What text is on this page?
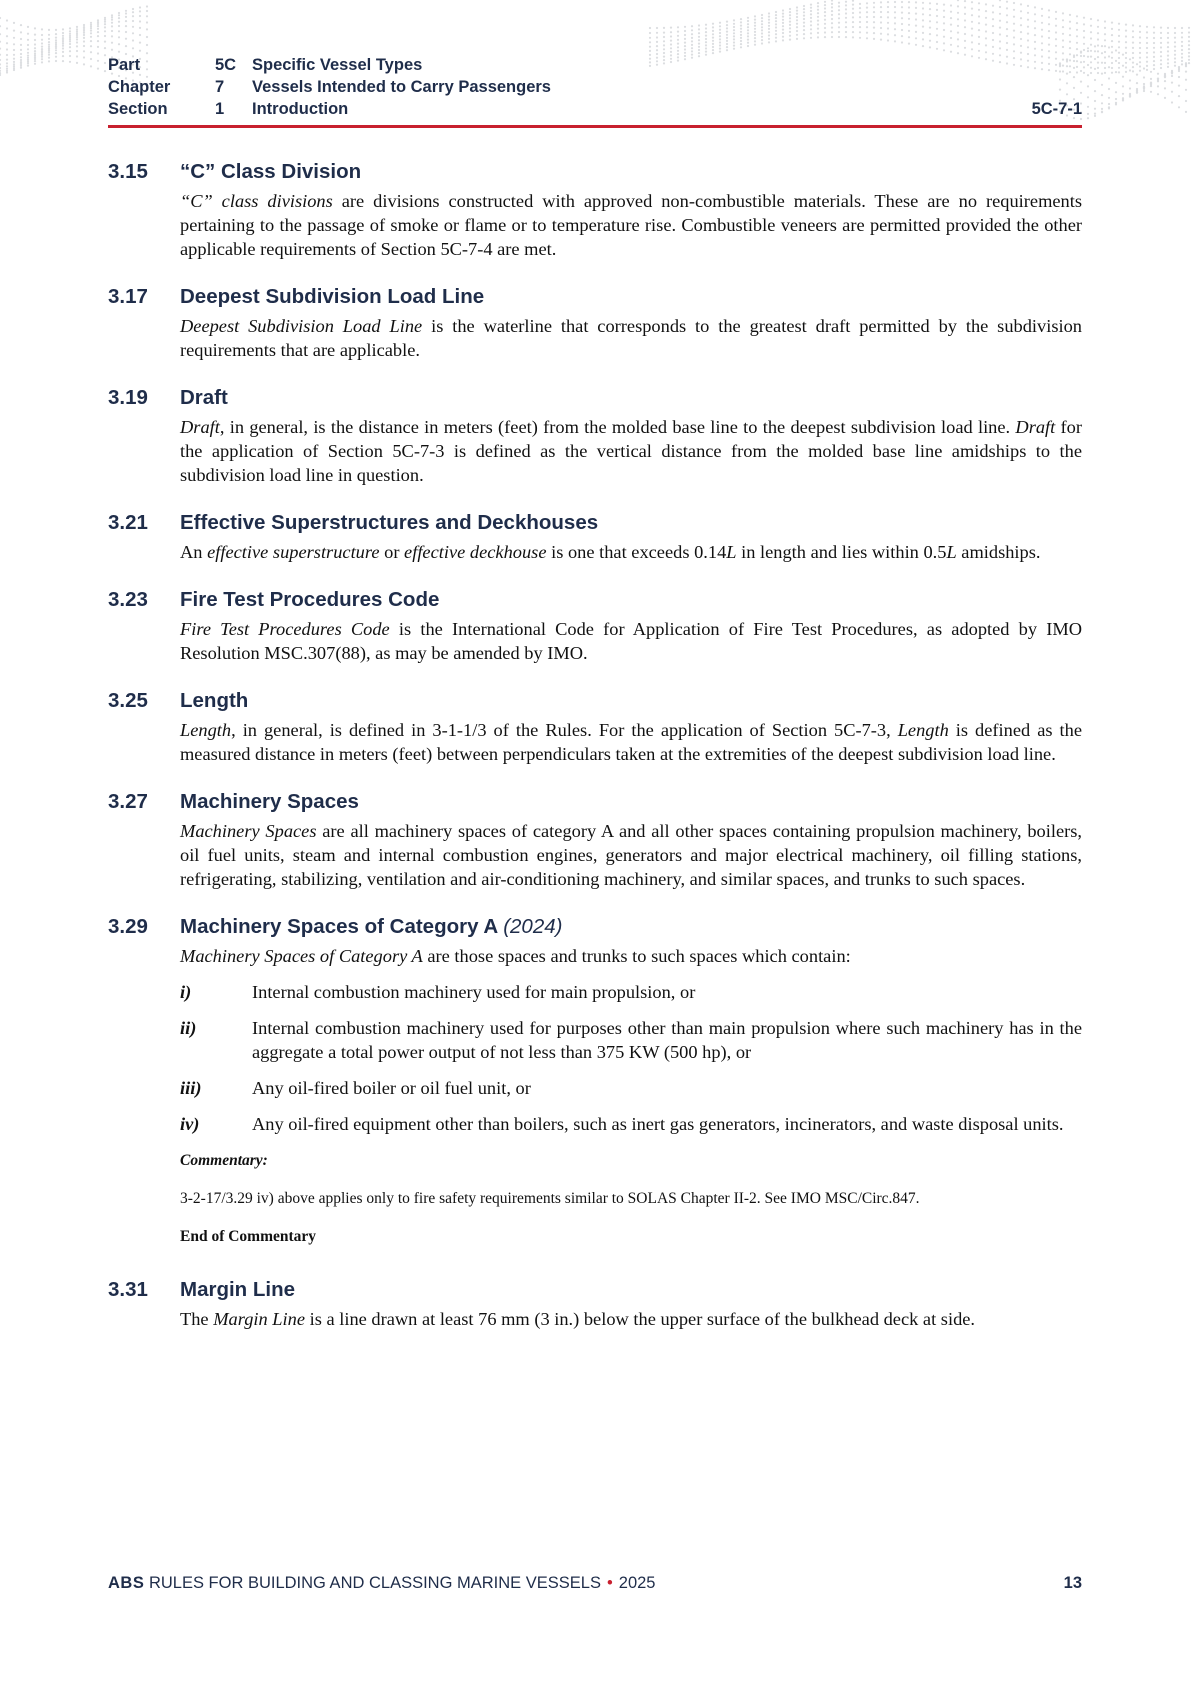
Part	5C Specific Vessel Types
Chapter	7 Vessels Intended to Carry Passengers
Section	1 Introduction	5C-7-1
3.15 “C” Class Division
“C” class divisions are divisions constructed with approved non-combustible materials. These are no requirements pertaining to the passage of smoke or flame or to temperature rise. Combustible veneers are permitted provided the other applicable requirements of Section 5C-7-4 are met.
3.17 Deepest Subdivision Load Line
Deepest Subdivision Load Line is the waterline that corresponds to the greatest draft permitted by the subdivision requirements that are applicable.
3.19 Draft
Draft, in general, is the distance in meters (feet) from the molded base line to the deepest subdivision load line. Draft for the application of Section 5C-7-3 is defined as the vertical distance from the molded base line amidships to the subdivision load line in question.
3.21 Effective Superstructures and Deckhouses
An effective superstructure or effective deckhouse is one that exceeds 0.14L in length and lies within 0.5L amidships.
3.23 Fire Test Procedures Code
Fire Test Procedures Code is the International Code for Application of Fire Test Procedures, as adopted by IMO Resolution MSC.307(88), as may be amended by IMO.
3.25 Length
Length, in general, is defined in 3-1-1/3 of the Rules. For the application of Section 5C-7-3, Length is defined as the measured distance in meters (feet) between perpendiculars taken at the extremities of the deepest subdivision load line.
3.27 Machinery Spaces
Machinery Spaces are all machinery spaces of category A and all other spaces containing propulsion machinery, boilers, oil fuel units, steam and internal combustion engines, generators and major electrical machinery, oil filling stations, refrigerating, stabilizing, ventilation and air-conditioning machinery, and similar spaces, and trunks to such spaces.
3.29 Machinery Spaces of Category A (2024)
Machinery Spaces of Category A are those spaces and trunks to such spaces which contain:
i)	Internal combustion machinery used for main propulsion, or
ii)	Internal combustion machinery used for purposes other than main propulsion where such machinery has in the aggregate a total power output of not less than 375 KW (500 hp), or
iii)	Any oil-fired boiler or oil fuel unit, or
iv)	Any oil-fired equipment other than boilers, such as inert gas generators, incinerators, and waste disposal units.
Commentary:
3-2-17/3.29 iv) above applies only to fire safety requirements similar to SOLAS Chapter II-2. See IMO MSC/Circ.847.
End of Commentary
3.31 Margin Line
The Margin Line is a line drawn at least 76 mm (3 in.) below the upper surface of the bulkhead deck at side.
ABS RULES FOR BUILDING AND CLASSING MARINE VESSELS • 2025	13
